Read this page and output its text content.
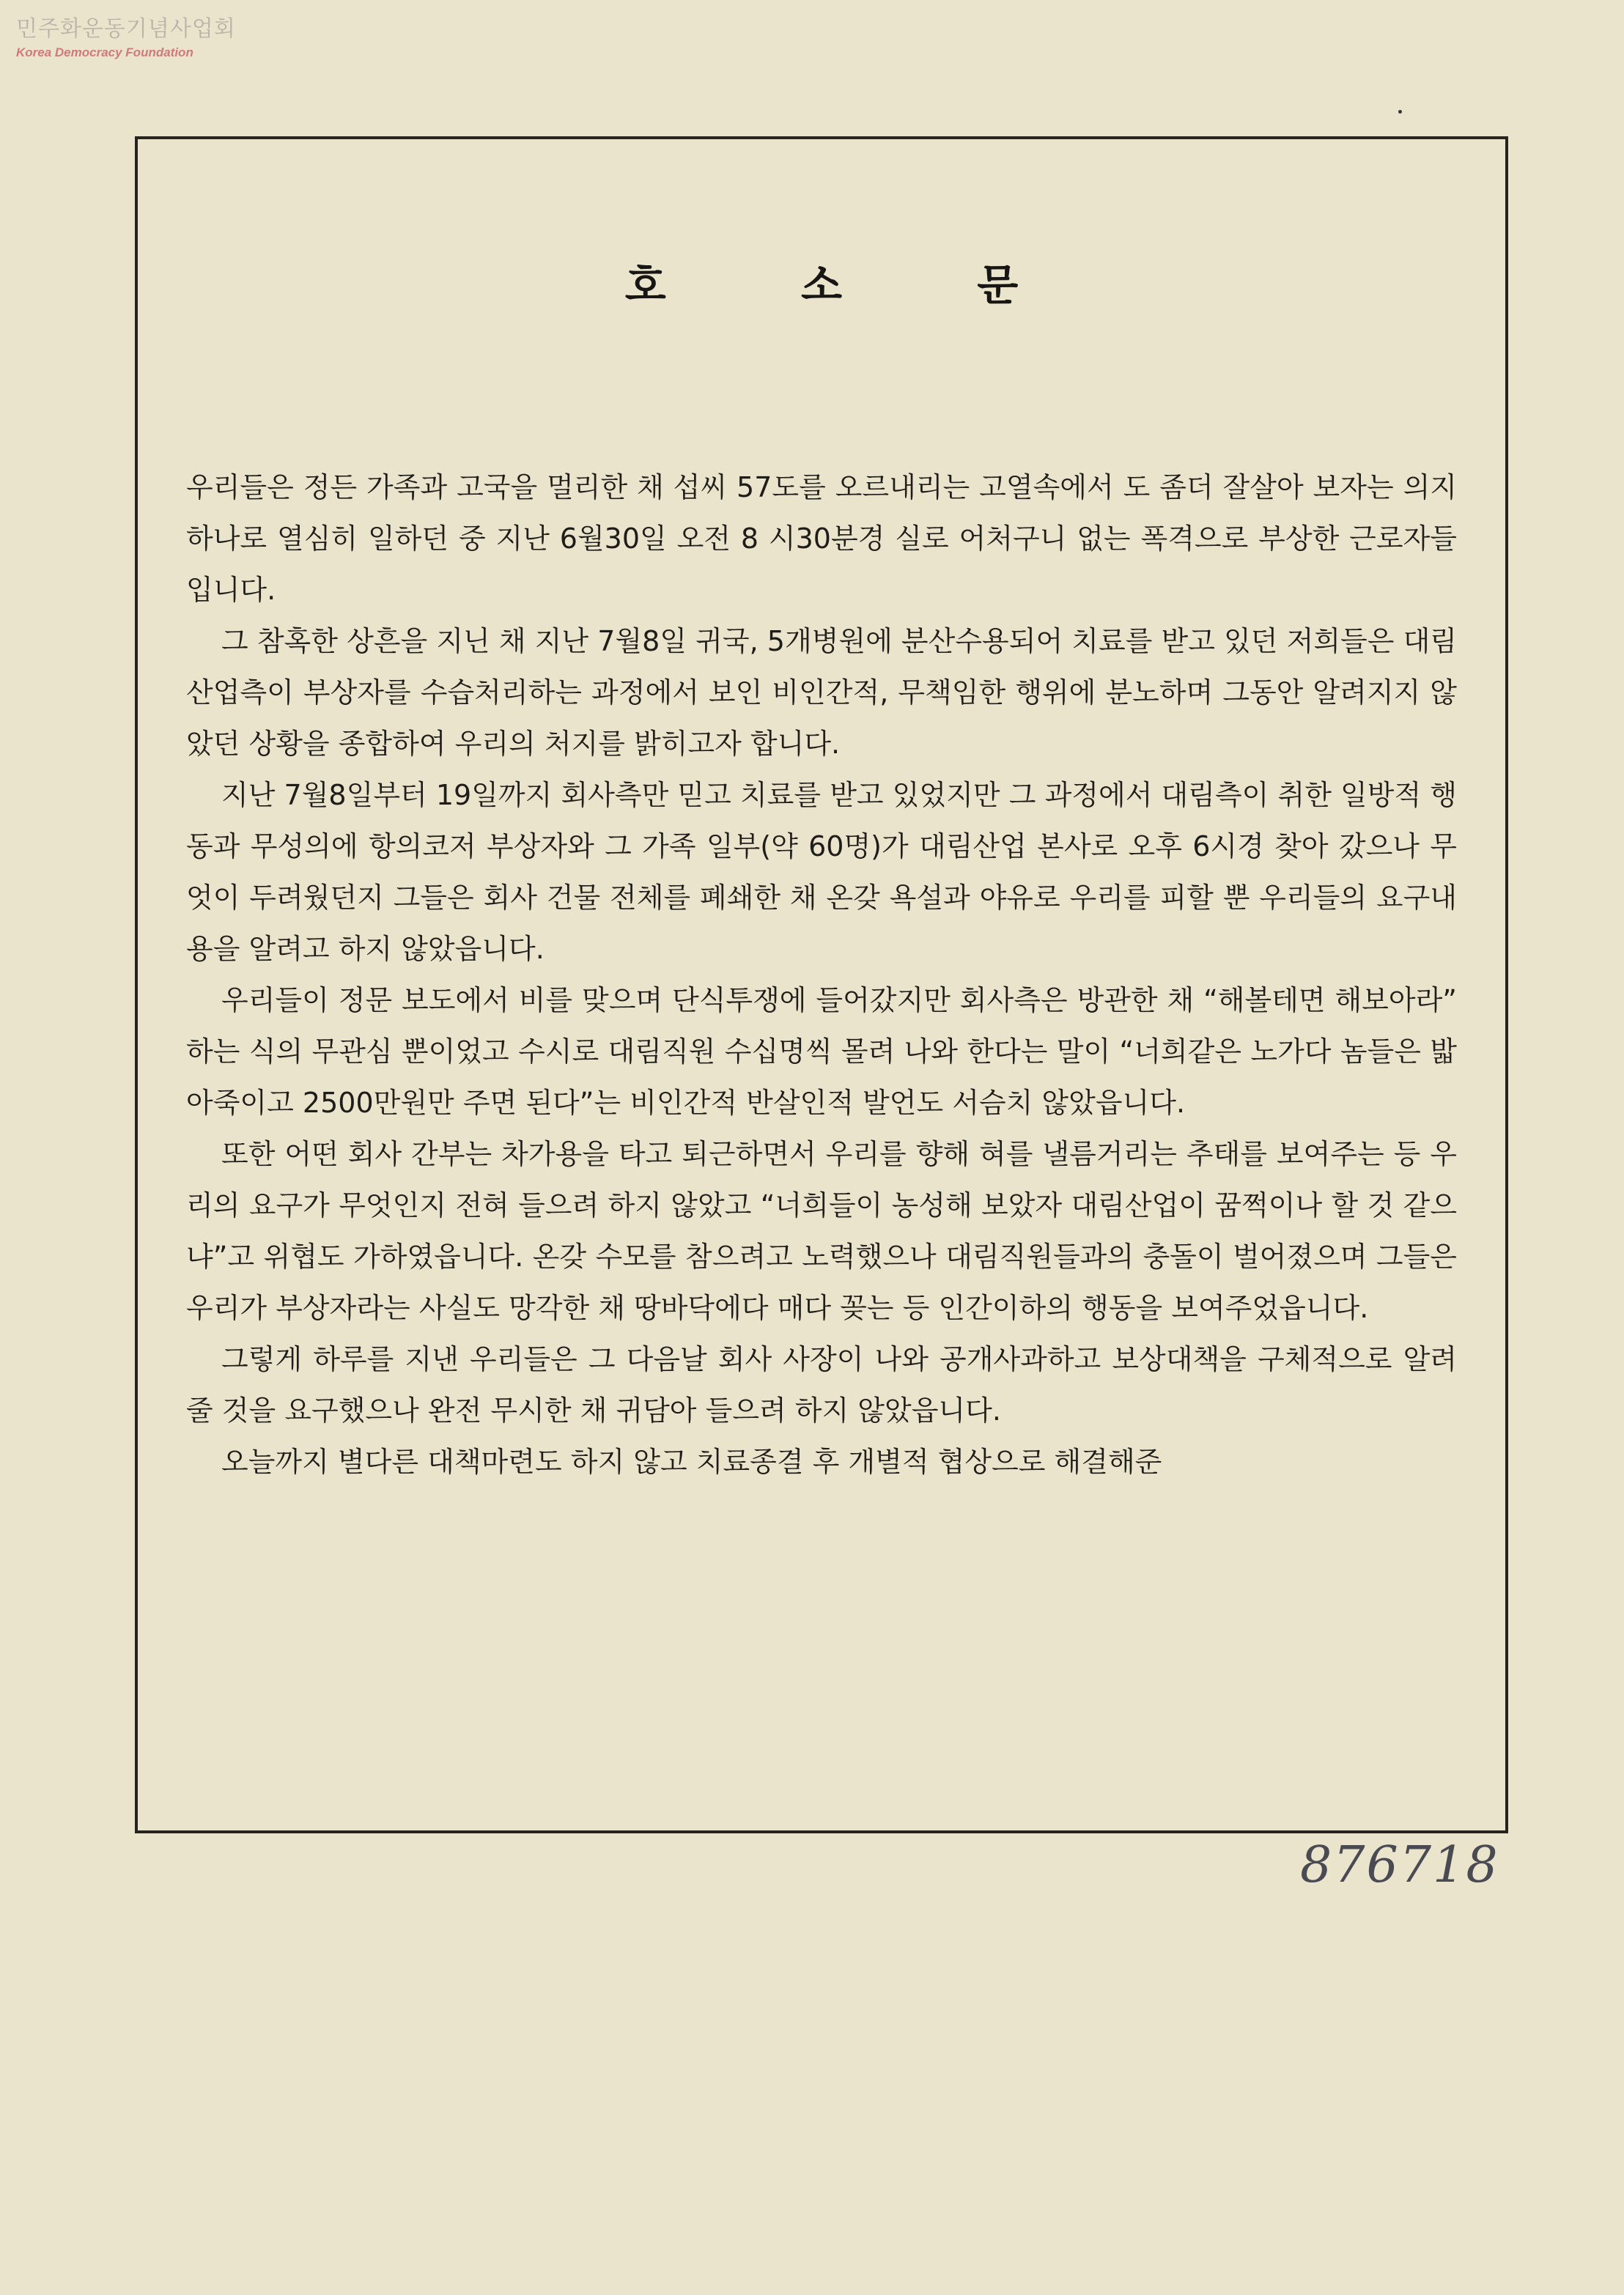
민주화운동기념사업회
Korea Democracy Foundation
호 소 문

우리들은 정든 가족과 고국을 멀리한 채 섭씨 57도를 오르내리는 고열속에서 도 좀더 잘살아 보자는 의지 하나로 열심히 일하던 중 지난 6월30일 오전 8 시30분경 실로 어처구니 없는 폭격으로 부상한 근로자들입니다.

그 참혹한 상흔을 지닌 채 지난 7월8일 귀국, 5개병원에 분산수용되어 치료를 받고 있던 저희들은 대림산업측이 부상자를 수습처리하는 과정에서 보인 비인간적, 무책임한 행위에 분노하며 그동안 알려지지 않았던 상황을 종합하여 우리의 처지를 밝히고자 합니다.

지난 7월8일부터 19일까지 회사측만 믿고 치료를 받고 있었지만 그 과정에서 대림측이 취한 일방적 행동과 무성의에 항의코저 부상자와 그 가족 일부(약 60명)가 대림산업 본사로 오후 6시경 찾아 갔으나 무엇이 두려웠던지 그들은 회사 건물 전체를 폐쇄한 채 온갖 욕설과 야유로 우리를 피할 뿐 우리들의 요구내용을 알려고 하지 않았읍니다.

우리들이 정문 보도에서 비를 맞으며 단식투쟁에 들어갔지만 회사측은 방관한 채 “해볼테면 해보아라” 하는 식의 무관심 뿐이었고 수시로 대림직원 수십명씩 몰려 나와 한다는 말이 “너희같은 노가다 놈들은 밟아죽이고 2500만원만 주면 된다”는 비인간적 반살인적 발언도 서슴치 않았읍니다.

또한 어떤 회사 간부는 차가용을 타고 퇴근하면서 우리를 향해 혀를 낼름거리는 추태를 보여주는 등 우리의 요구가 무엇인지 전혀 들으려 하지 않았고 “너희들이 농성해 보았자 대림산업이 꿈쩍이나 할 것 같으냐”고 위협도 가하였읍니다. 온갖 수모를 참으려고 노력했으나 대림직원들과의 충돌이 벌어졌으며 그들은 우리가 부상자라는 사실도 망각한 채 땅바닥에다 매다 꽂는 등 인간이하의 행동을 보여주었읍니다.

그렇게 하루를 지낸 우리들은 그 다음날 회사 사장이 나와 공개사과하고 보상대책을 구체적으로 알려줄 것을 요구했으나 완전 무시한 채 귀담아 들으려 하지 않았읍니다.

오늘까지 별다른 대책마련도 하지 않고 치료종결 후 개별적 협상으로 해결해준

876718
